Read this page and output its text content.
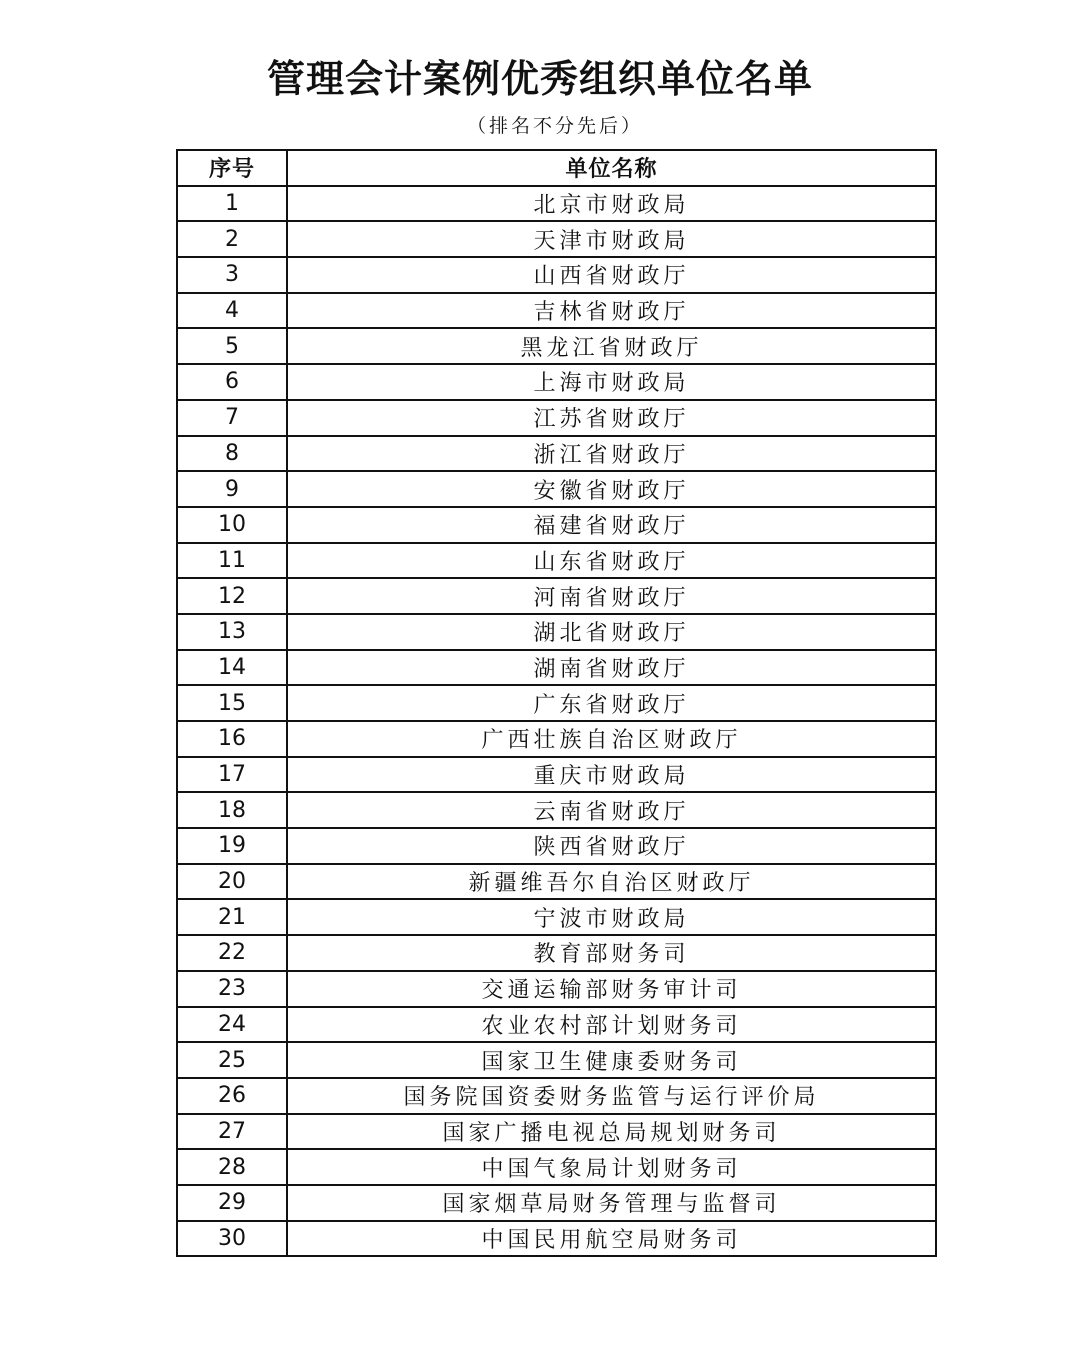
管理会计案例优秀组织单位名单
（排名不分先后）
序号	单位名称
1	北京市财政局
2	天津市财政局
3	山西省财政厅
4	吉林省财政厅
5	黑龙江省财政厅
6	上海市财政局
7	江苏省财政厅
8	浙江省财政厅
9	安徽省财政厅
10	福建省财政厅
11	山东省财政厅
12	河南省财政厅
13	湖北省财政厅
14	湖南省财政厅
15	广东省财政厅
16	广西壮族自治区财政厅
17	重庆市财政局
18	云南省财政厅
19	陕西省财政厅
20	新疆维吾尔自治区财政厅
21	宁波市财政局
22	教育部财务司
23	交通运输部财务审计司
24	农业农村部计划财务司
25	国家卫生健康委财务司
26	国务院国资委财务监管与运行评价局
27	国家广播电视总局规划财务司
28	中国气象局计划财务司
29	国家烟草局财务管理与监督司
30	中国民用航空局财务司
